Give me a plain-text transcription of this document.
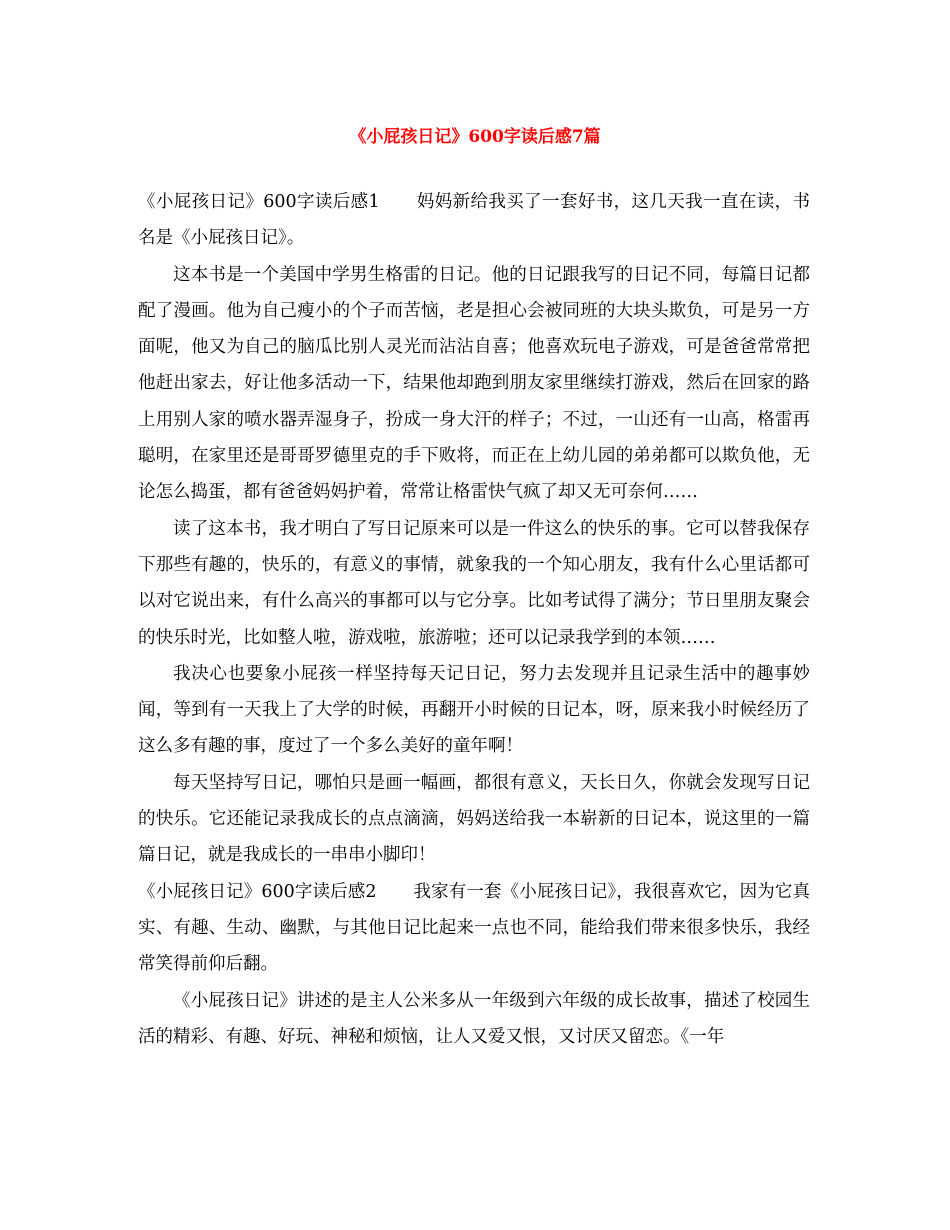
《小屁孩日记》600字读后感7篇

《小屁孩日记》600字读后感1 妈妈新给我买了一套好书，这几天我一直在读，书名是《小屁孩日记》。

这本书是一个美国中学男生格雷的日记。他的日记跟我写的日记不同，每篇日记都配了漫画。他为自己瘦小的个子而苦恼，老是担心会被同班的大块头欺负，可是另一方面呢，他又为自己的脑瓜比别人灵光而沾沾自喜；他喜欢玩电子游戏，可是爸爸常常把他赶出家去，好让他多活动一下，结果他却跑到朋友家里继续打游戏，然后在回家的路上用别人家的喷水器弄湿身子，扮成一身大汗的样子；不过，一山还有一山高，格雷再聪明，在家里还是哥哥罗德里克的手下败将，而正在上幼儿园的弟弟都可以欺负他，无论怎么捣蛋，都有爸爸妈妈护着，常常让格雷快气疯了却又无可奈何……

读了这本书，我才明白了写日记原来可以是一件这么的快乐的事。它可以替我保存下那些有趣的，快乐的，有意义的事情，就象我的一个知心朋友，我有什么心里话都可以对它说出来，有什么高兴的事都可以与它分享。比如考试得了满分；节日里朋友聚会的快乐时光，比如整人啦，游戏啦，旅游啦；还可以记录我学到的本领……

我决心也要象小屁孩一样坚持每天记日记，努力去发现并且记录生活中的趣事妙闻，等到有一天我上了大学的时候，再翻开小时候的日记本，呀，原来我小时候经历了这么多有趣的事，度过了一个多么美好的童年啊！

每天坚持写日记，哪怕只是画一幅画，都很有意义，天长日久，你就会发现写日记的快乐。它还能记录我成长的点点滴滴，妈妈送给我一本崭新的日记本，说这里的一篇篇日记，就是我成长的一串串小脚印！

《小屁孩日记》600字读后感2 我家有一套《小屁孩日记》，我很喜欢它，因为它真实、有趣、生动、幽默，与其他日记比起来一点也不同，能给我们带来很多快乐，我经常笑得前仰后翻。

《小屁孩日记》讲述的是主人公米多从一年级到六年级的成长故事，描述了校园生活的精彩、有趣、好玩、神秘和烦恼，让人又爱又恨，又讨厌又留恋。《一年
